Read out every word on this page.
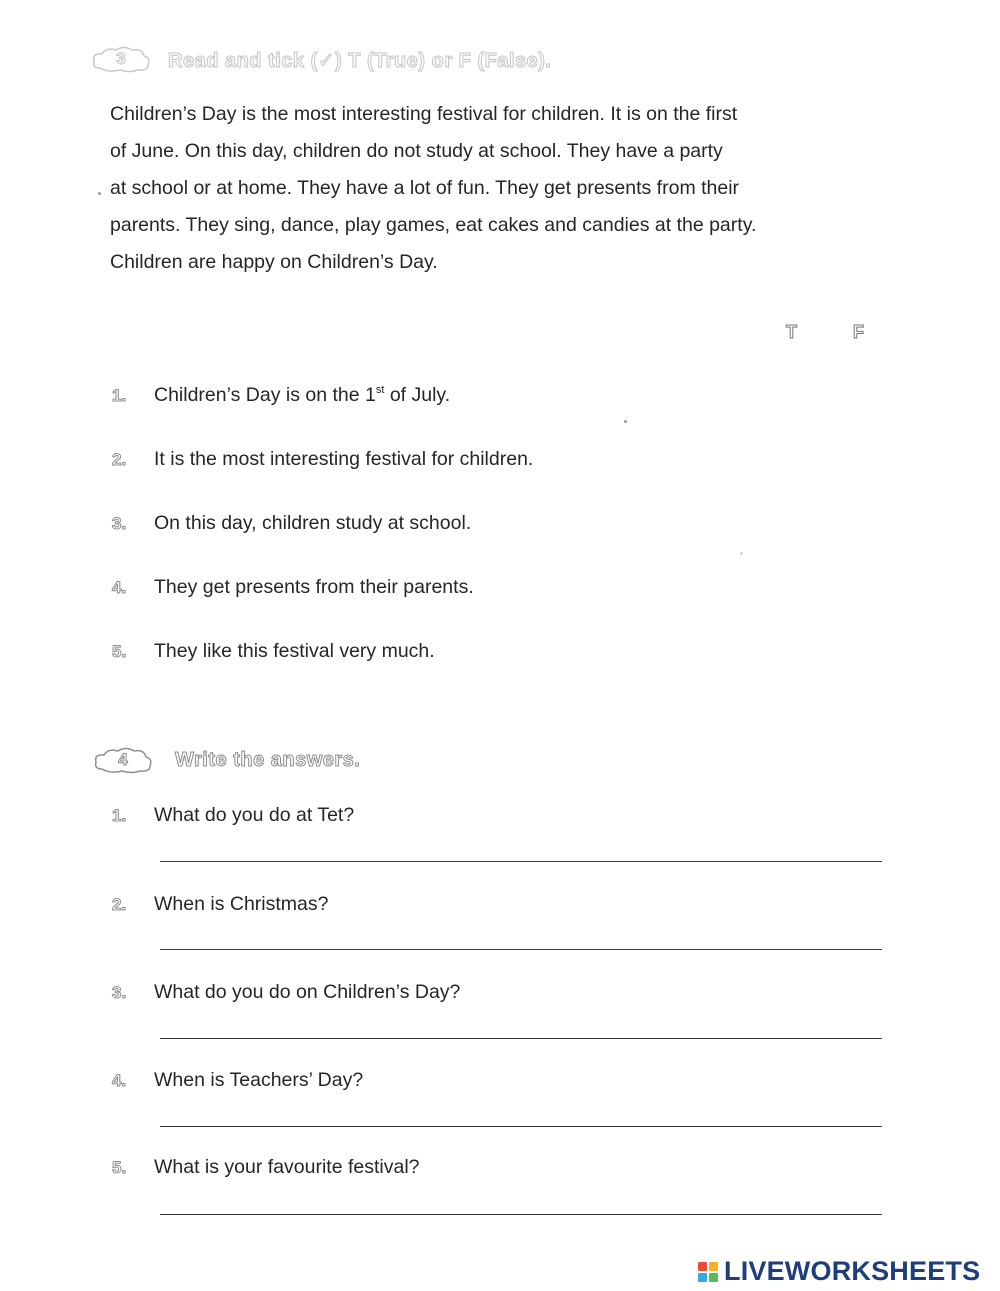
3 Read and tick (✓) T (True) or F (False).

Children’s Day is the most interesting festival for children. It is on the first

of June. On this day, children do not study at school. They have a party

at school or at home. They have a lot of fun. They get presents from their

parents. They sing, dance, play games, eat cakes and candies at the party.

Children are happy on Children’s Day.

T	F
1. Children’s Day is on the 1st of July.
2. It is the most interesting festival for children.
3. On this day, children study at school.
4. They get presents from their parents.
5. They like this festival very much.
4 Write the answers.
1. What do you do at Tet?
2. When is Christmas?
3. What do you do on Children’s Day?
4. When is Teachers’ Day?
5. What is your favourite festival?
LIVEWORKSHEETS
